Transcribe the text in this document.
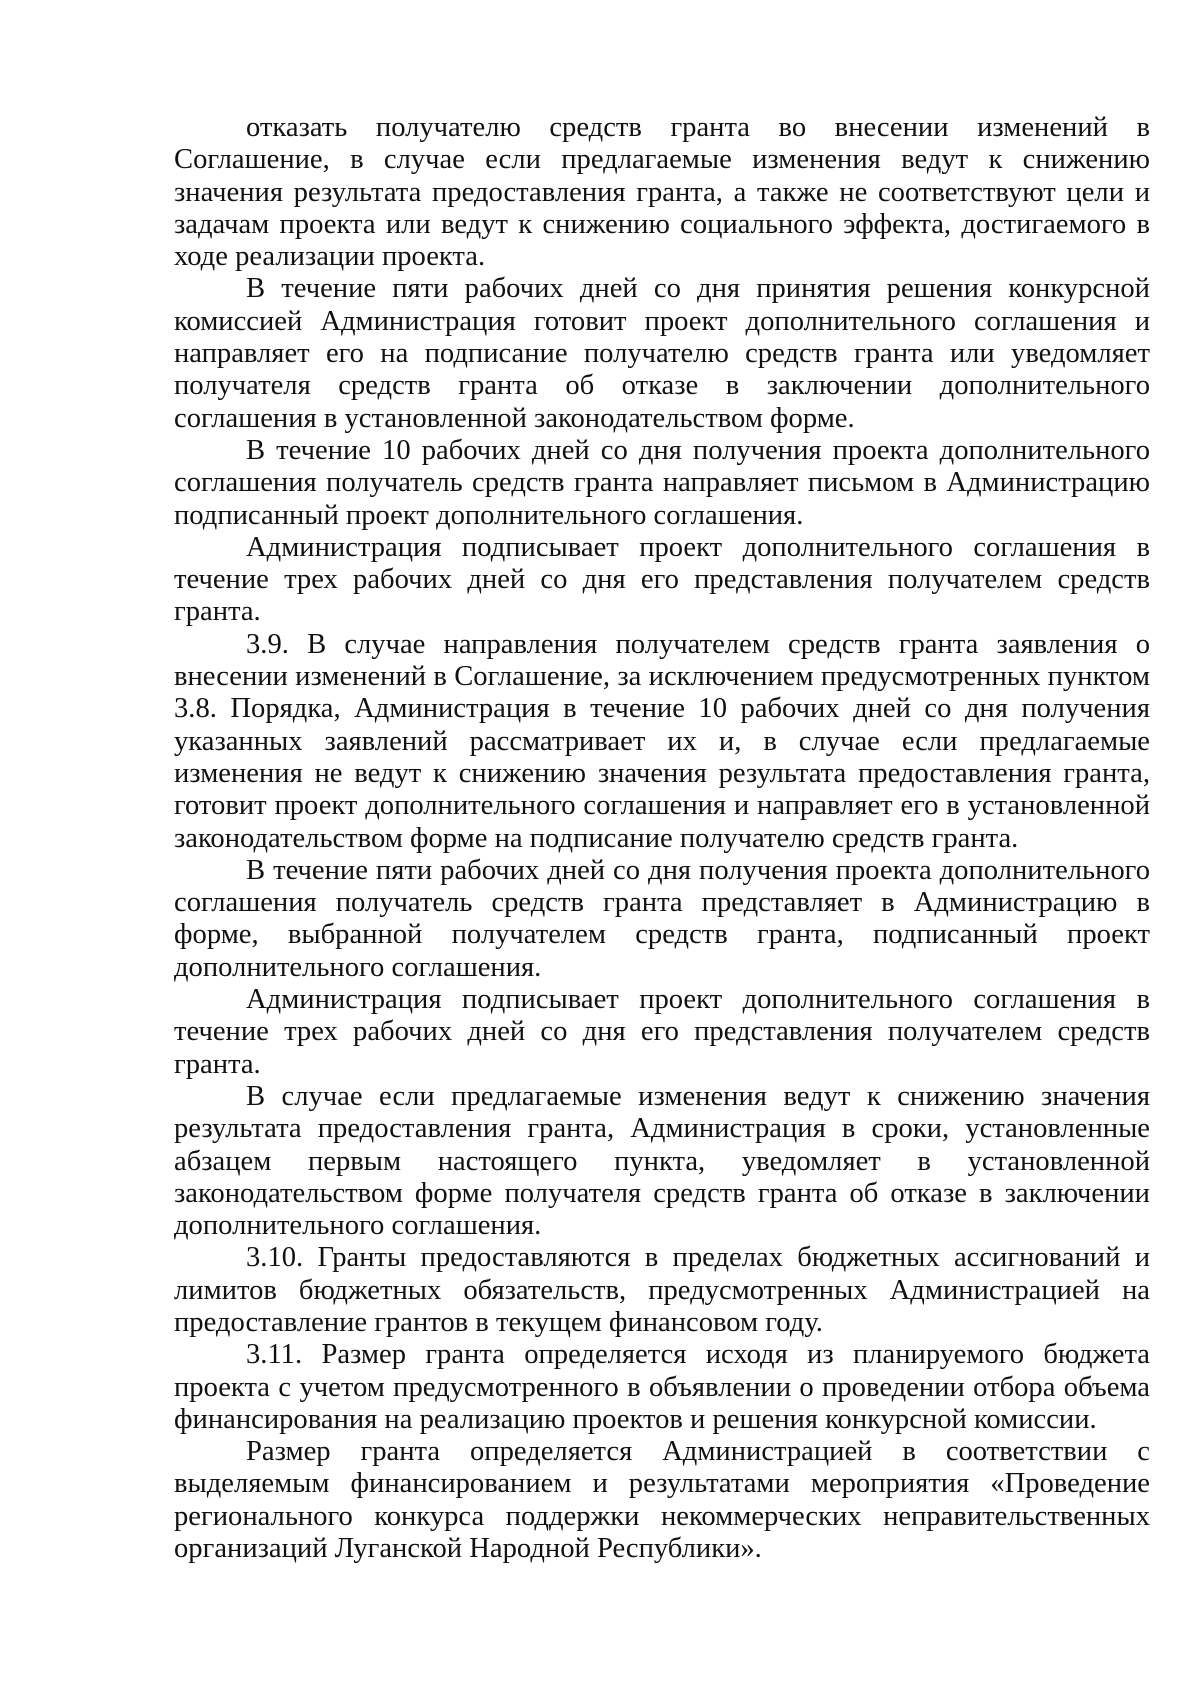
отказать получателю средств гранта во внесении изменений в Соглашение, в случае если предлагаемые изменения ведут к снижению значения результата предоставления гранта, а также не соответствуют цели и задачам проекта или ведут к снижению социального эффекта, достигаемого в ходе реализации проекта.

В течение пяти рабочих дней со дня принятия решения конкурсной комиссией Администрация готовит проект дополнительного соглашения и направляет его на подписание получателю средств гранта или уведомляет получателя средств гранта об отказе в заключении дополнительного соглашения в установленной законодательством форме.

В течение 10 рабочих дней со дня получения проекта дополнительного соглашения получатель средств гранта направляет письмом в Администрацию подписанный проект дополнительного соглашения.

Администрация подписывает проект дополнительного соглашения в течение трех рабочих дней со дня его представления получателем средств гранта.

3.9. В случае направления получателем средств гранта заявления о внесении изменений в Соглашение, за исключением предусмотренных пунктом 3.8. Порядка, Администрация в течение 10 рабочих дней со дня получения указанных заявлений рассматривает их и, в случае если предлагаемые изменения не ведут к снижению значения результата предоставления гранта, готовит проект дополнительного соглашения и направляет его в установленной законодательством форме на подписание получателю средств гранта.

В течение пяти рабочих дней со дня получения проекта дополнительного соглашения получатель средств гранта представляет в Администрацию в форме, выбранной получателем средств гранта, подписанный проект дополнительного соглашения.

Администрация подписывает проект дополнительного соглашения в течение трех рабочих дней со дня его представления получателем средств гранта.

В случае если предлагаемые изменения ведут к снижению значения результата предоставления гранта, Администрация в сроки, установленные абзацем первым настоящего пункта, уведомляет в установленной законодательством форме получателя средств гранта об отказе в заключении дополнительного соглашения.

3.10. Гранты предоставляются в пределах бюджетных ассигнований и лимитов бюджетных обязательств, предусмотренных Администрацией на предоставление грантов в текущем финансовом году.

3.11. Размер гранта определяется исходя из планируемого бюджета проекта с учетом предусмотренного в объявлении о проведении отбора объема финансирования на реализацию проектов и решения конкурсной комиссии.

Размер гранта определяется Администрацией в соответствии с выделяемым финансированием и результатами мероприятия «Проведение регионального конкурса поддержки некоммерческих неправительственных организаций Луганской Народной Республики».
